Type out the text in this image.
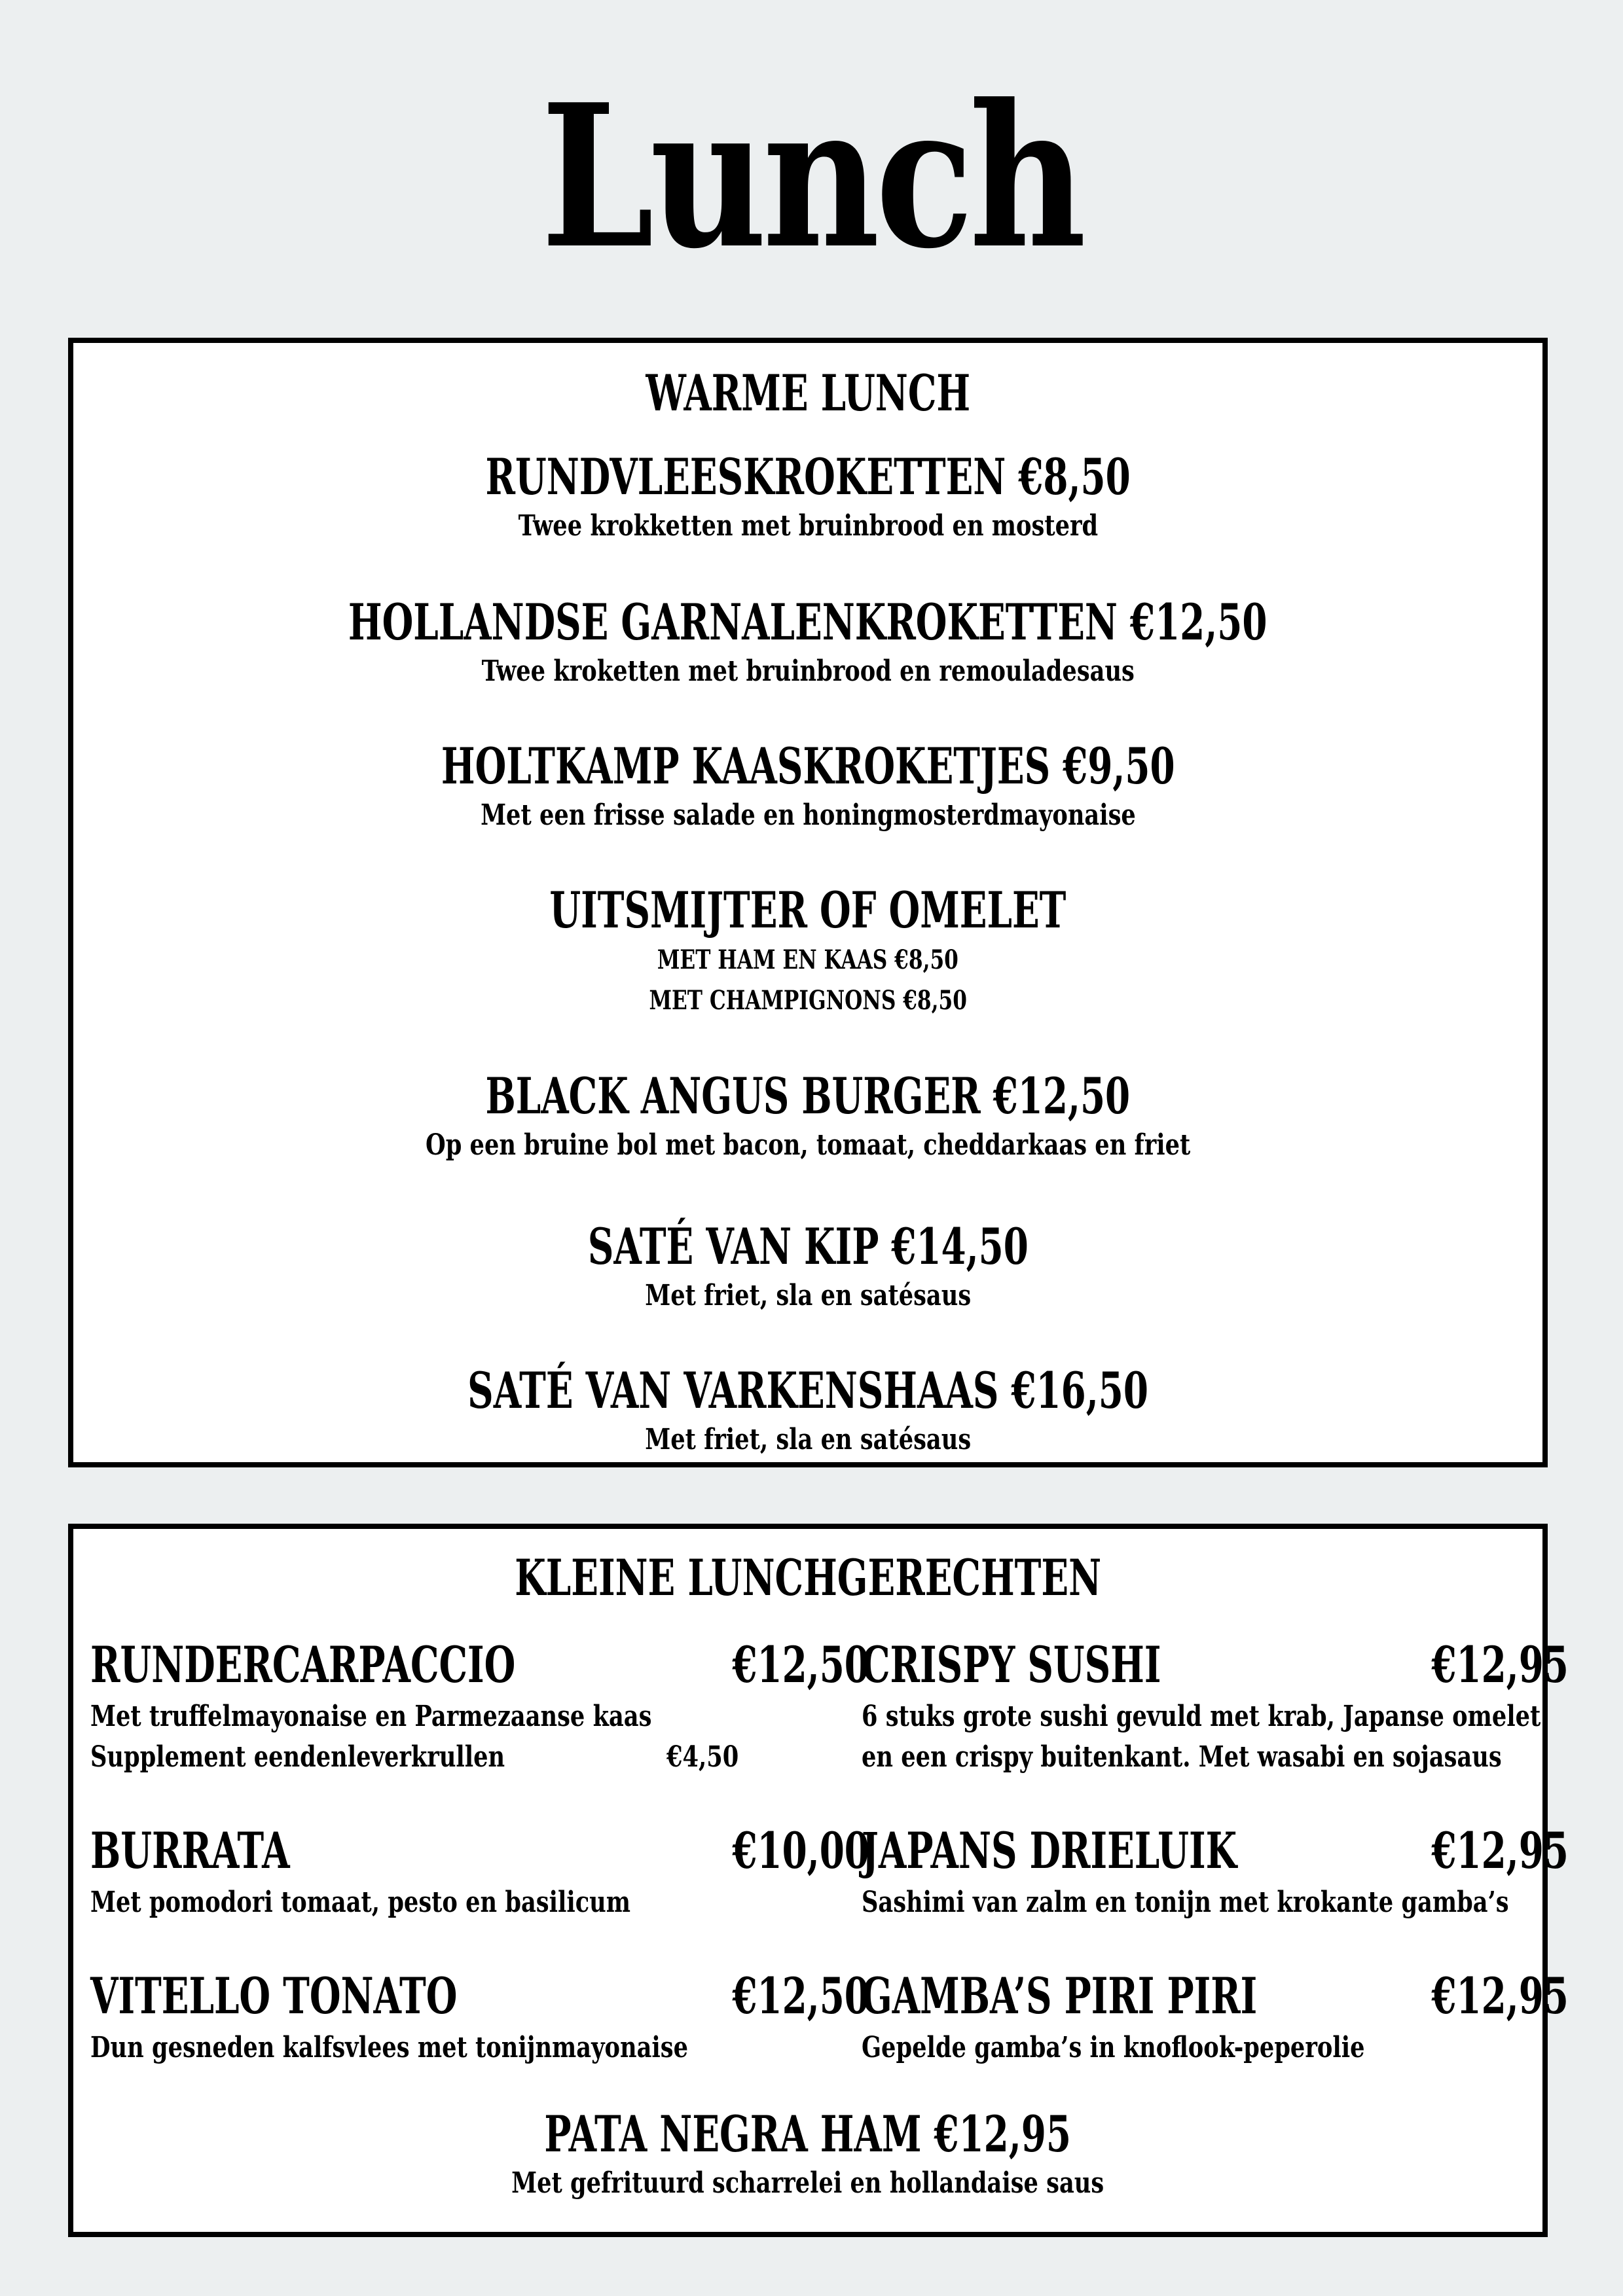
Lunch
WARME LUNCH
RUNDVLEESKROKETTEN €8,50
Twee krokketten met bruinbrood en mosterd
HOLLANDSE GARNALENKROKETTEN €12,50
Twee kroketten met bruinbrood en remouladesaus
HOLTKAMP KAASKROKETJES €9,50
Met een frisse salade en honingmosterdmayonaise
UITSMIJTER OF OMELET
MET HAM EN KAAS €8,50
MET CHAMPIGNONS €8,50
BLACK ANGUS BURGER €12,50
Op een bruine bol met bacon, tomaat, cheddarkaas en friet
SATÉ VAN KIP €14,50
Met friet, sla en satésaus
SATÉ VAN VARKENSHAAS €16,50
Met friet, sla en satésaus
KLEINE LUNCHGERECHTEN
RUNDERCARPACCIO	€12,50
Met truffelmayonaise en Parmezaanse kaas
Supplement eendenleverkrullen	€4,50
BURRATA	€10,00
Met pomodori tomaat, pesto en basilicum
VITELLO TONATO	€12,50
Dun gesneden kalfsvlees met tonijnmayonaise
CRISPY SUSHI	€12,95
6 stuks grote sushi gevuld met krab, Japanse omelet
en een crispy buitenkant. Met wasabi en sojasaus
JAPANS DRIELUIK	€12,95
Sashimi van zalm en tonijn met krokante gamba’s
GAMBA’S PIRI PIRI	€12,95
Gepelde gamba’s in knoflook-peperolie
PATA NEGRA HAM €12,95
Met gefrituurd scharrelei en hollandaise saus
